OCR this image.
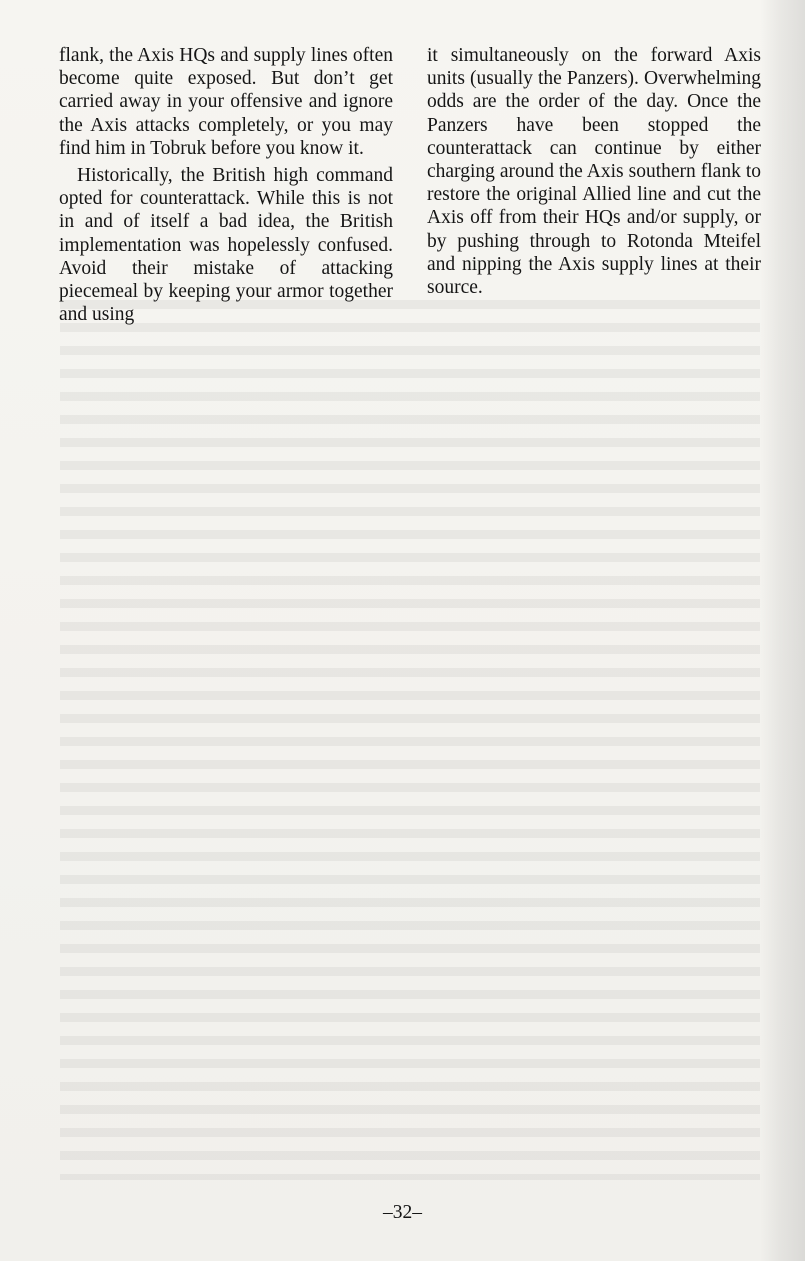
flank, the Axis HQs and supply lines often become quite exposed. But don’t get carried away in your offensive and ignore the Axis attacks completely, or you may find him in Tobruk before you know it.

Historically, the British high command opted for counterattack. While this is not in and of itself a bad idea, the British implementation was hopelessly confused. Avoid their mistake of attacking piecemeal by keeping your armor together and using

it simultaneously on the forward Axis units (usually the Panzers). Overwhelming odds are the order of the day. Once the Panzers have been stopped the counterattack can continue by either charging around the Axis southern flank to restore the original Allied line and cut the Axis off from their HQs and/or supply, or by pushing through to Rotonda Mteifel and nipping the Axis supply lines at their source.

–32–
